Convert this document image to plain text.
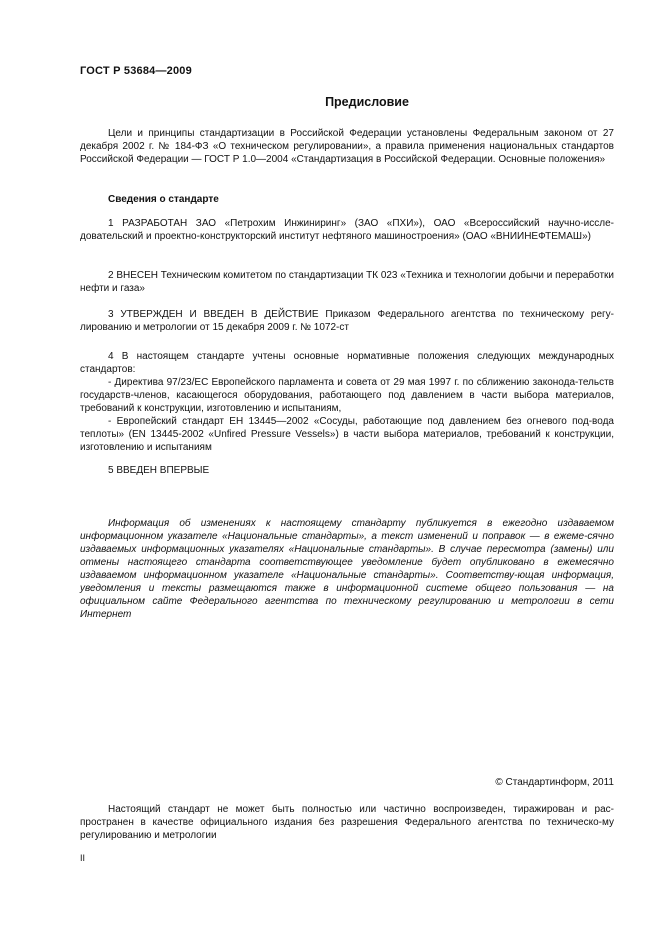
ГОСТ Р 53684—2009
Предисловие

Цели и принципы стандартизации в Российской Федерации установлены Федеральным законом от 27 декабря 2002 г. № 184-ФЗ «О техническом регулировании», а правила применения национальных стандартов Российской Федерации — ГОСТ Р 1.0—2004 «Стандартизация в Российской Федерации. Основные положения»

Сведения о стандарте

1 РАЗРАБОТАН ЗАО «Петрохим Инжиниринг» (ЗАО «ПХИ»), ОАО «Всероссийский научно-иссле-довательский и проектно-конструкторский институт нефтяного машиностроения» (ОАО «ВНИИНЕФТЕМАШ»)

2 ВНЕСЕН Техническим комитетом по стандартизации ТК 023 «Техника и технологии добычи и переработки нефти и газа»

3 УТВЕРЖДЕН И ВВЕДЕН В ДЕЙСТВИЕ Приказом Федерального агентства по техническому регу-лированию и метрологии от 15 декабря 2009 г. № 1072-ст

4 В настоящем стандарте учтены основные нормативные положения следующих международных стандартов:

- Директива 97/23/ЕС Европейского парламента и совета от 29 мая 1997 г. по сближению законода-тельств государств-членов, касающегося оборудования, работающего под давлением в части выбора материалов, требований к конструкции, изготовлению и испытаниям,

- Европейский стандарт ЕН 13445—2002 «Сосуды, работающие под давлением без огневого под-вода теплоты» (EN 13445-2002 «Unfired Pressure Vessels») в части выбора материалов, требований к конструкции, изготовлению и испытаниям

5 ВВЕДЕН ВПЕРВЫЕ

Информация об изменениях к настоящему стандарту публикуется в ежегодно издаваемом информационном указателе «Национальные стандарты», а текст изменений и поправок — в ежеме-сячно издаваемых информационных указателях «Национальные стандарты». В случае пересмотра (замены) или отмены настоящего стандарта соответствующее уведомление будет опубликовано в ежемесячно издаваемом информационном указателе «Национальные стандарты». Соответству-ющая информация, уведомления и тексты размещаются также в информационной системе общего пользования — на официальном сайте Федерального агентства по техническому регулированию и метрологии в сети Интернет

© Стандартинформ, 2011

Настоящий стандарт не может быть полностью или частично воспроизведен, тиражирован и рас-пространен в качестве официального издания без разрешения Федерального агентства по техническо-му регулированию и метрологии

II
